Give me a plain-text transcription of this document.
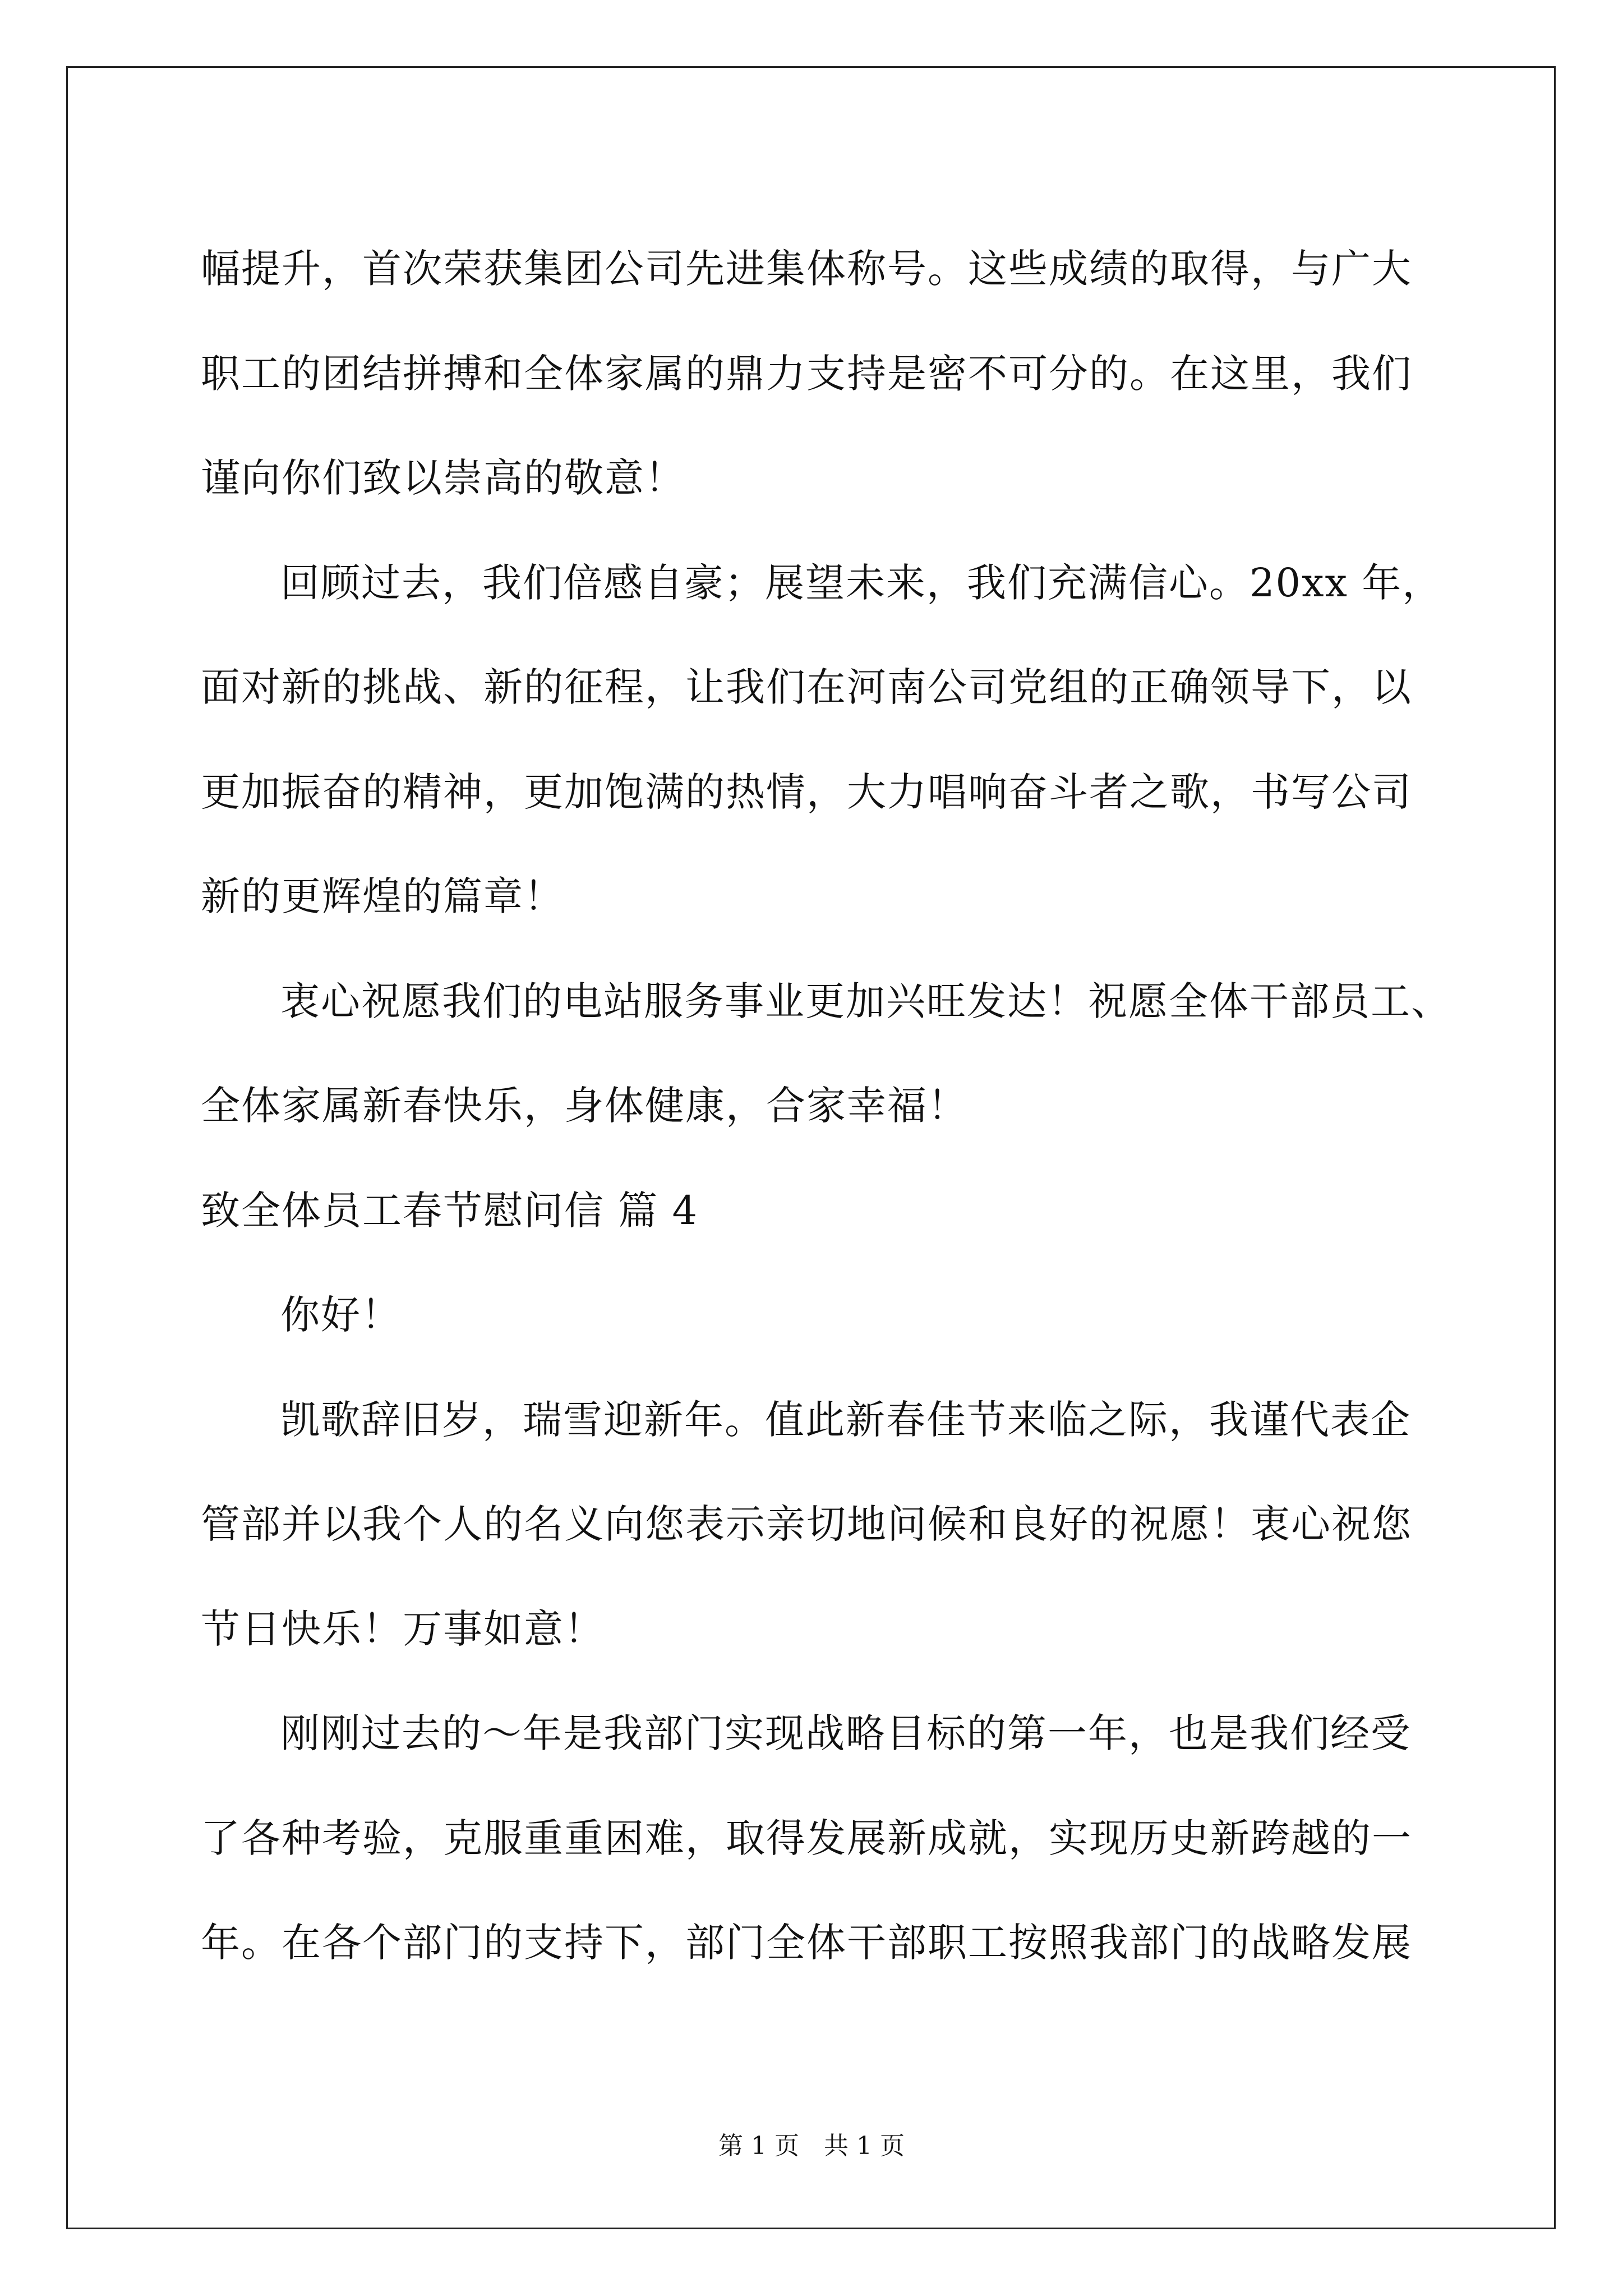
幅提升，首次荣获集团公司先进集体称号。这些成绩的取得，与广大
职工的团结拼搏和全体家属的鼎力支持是密不可分的。在这里，我们
谨向你们致以崇高的敬意！
回顾过去，我们倍感自豪；展望未来，我们充满信心。20xx 年，
面对新的挑战、新的征程，让我们在河南公司党组的正确领导下，以
更加振奋的精神，更加饱满的热情，大力唱响奋斗者之歌，书写公司
新的更辉煌的篇章！
衷心祝愿我们的电站服务事业更加兴旺发达！祝愿全体干部员工、
全体家属新春快乐，身体健康，合家幸福！
致全体员工春节慰问信 篇 4
你好！
凯歌辞旧岁，瑞雪迎新年。值此新春佳节来临之际，我谨代表企
管部并以我个人的名义向您表示亲切地问候和良好的祝愿！衷心祝您
节日快乐！万事如意！
刚刚过去的～年是我部门实现战略目标的第一年，也是我们经受
了各种考验，克服重重困难，取得发展新成就，实现历史新跨越的一
年。在各个部门的支持下，部门全体干部职工按照我部门的战略发展
第 1 页 共 1 页
